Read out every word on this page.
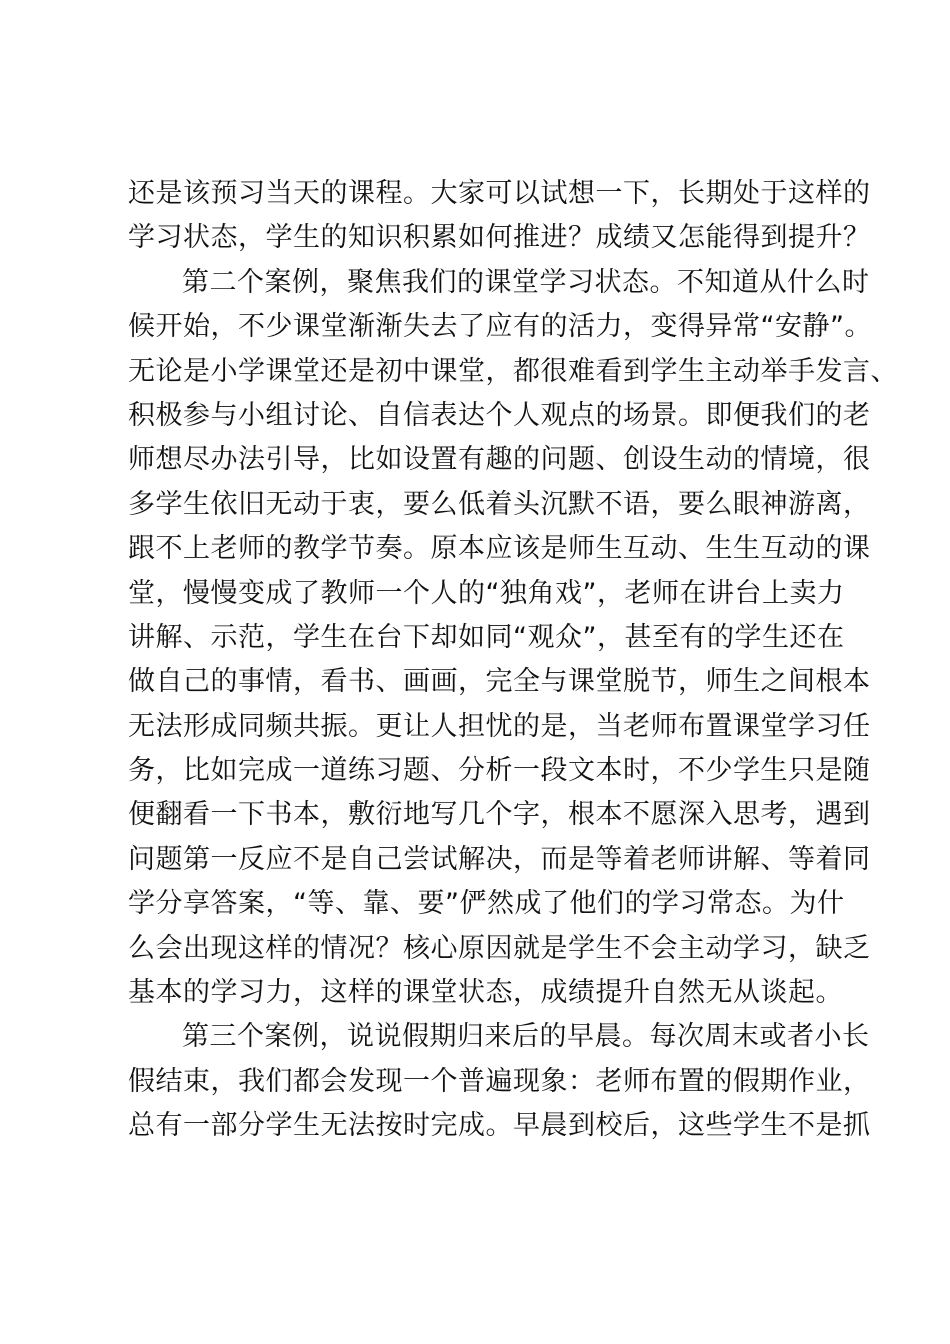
还是该预习当天的课程。大家可以试想一下，长期处于这样的
学习状态，学生的知识积累如何推进？成绩又怎能得到提升？
第二个案例，聚焦我们的课堂学习状态。不知道从什么时
候开始，不少课堂渐渐失去了应有的活力，变得异常“安静”。
无论是小学课堂还是初中课堂，都很难看到学生主动举手发言、
积极参与小组讨论、自信表达个人观点的场景。即便我们的老
师想尽办法引导，比如设置有趣的问题、创设生动的情境，很
多学生依旧无动于衷，要么低着头沉默不语，要么眼神游离，
跟不上老师的教学节奏。原本应该是师生互动、生生互动的课
堂，慢慢变成了教师一个人的“独角戏”，老师在讲台上卖力
讲解、示范，学生在台下却如同“观众”，甚至有的学生还在
做自己的事情，看书、画画，完全与课堂脱节，师生之间根本
无法形成同频共振。更让人担忧的是，当老师布置课堂学习任
务，比如完成一道练习题、分析一段文本时，不少学生只是随
便翻看一下书本，敷衍地写几个字，根本不愿深入思考，遇到
问题第一反应不是自己尝试解决，而是等着老师讲解、等着同
学分享答案，“等、靠、要”俨然成了他们的学习常态。为什
么会出现这样的情况？核心原因就是学生不会主动学习，缺乏
基本的学习力，这样的课堂状态，成绩提升自然无从谈起。
第三个案例，说说假期归来后的早晨。每次周末或者小长
假结束，我们都会发现一个普遍现象：老师布置的假期作业，
总有一部分学生无法按时完成。早晨到校后，这些学生不是抓
